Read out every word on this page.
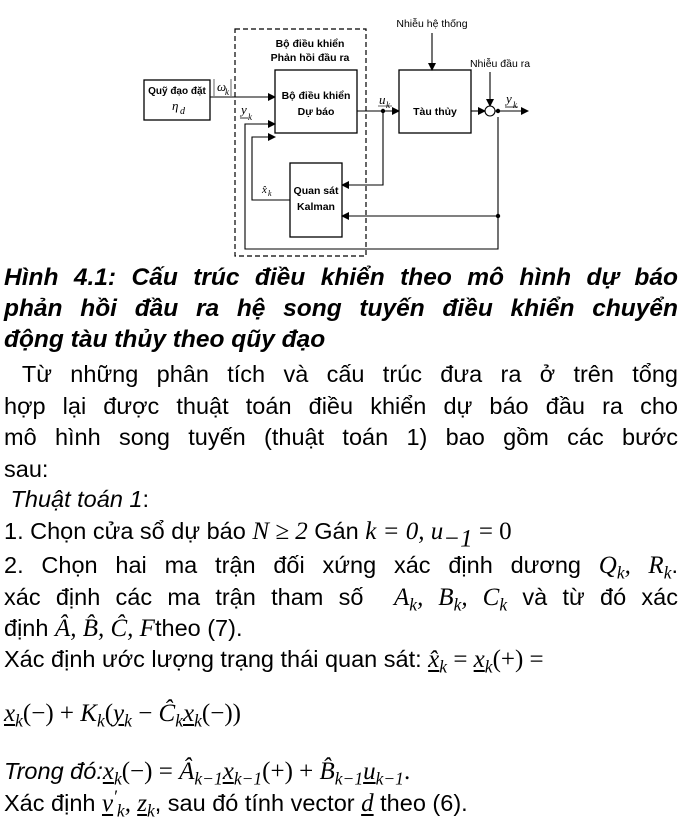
Bộ điều khiển
Phản hồi đầu ra
Quỹ đạo đặt
η d
ω
k	Bộ điều khiển
Dự báo
y k
x̂ k
u k
Tàu thủy
Nhiễu hệ thống
Nhiễu đầu ra
y k
Quan sát
Kalman
Hình 4.1: Cấu trúc điều khiển theo mô hình dự báo
phản hồi đầu ra hệ song tuyến điều khiển chuyển
động tàu thủy theo qũy đạo
Từ những phân tích và cấu trúc đưa ra ở trên tổng
hợp lại được thuật toán điều khiển dự báo đầu ra cho
mô hình song tuyến (thuật toán 1) bao gồm các bước
sau:
Thuật toán 1:
1. Chọn cửa sổ dự báo N ≥ 2 Gán k = 0, $u_{-1} = 0$
2. Chọn hai ma trận đối xứng xác định dương $Q_k$, $R_k$.
xác định các ma trận tham số  $A_k$, $B_k$, $C_k$ và từ đó xác
định Â, B̂, Ĉ, Ftheo (7).
Xác định ước lượng trạng thái quan sát: $x̂_k = x_k(+)$ =
$x_k(-) + K_k(y_k$ − $Ĉ_kx_k(-)$)
Trong $đó:x_k(-)$ = $Â_{k-1}x_{k-1}(+)$ + $B̂_{k-1}u_{k-1}$.
Xác định $v'_k$, $z_k$, sau đó tính vector d theo (6).
